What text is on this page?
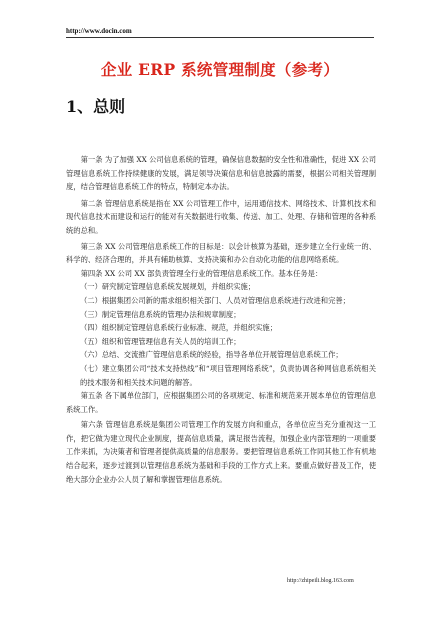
http://www.docin.com
企业 ERP 系统管理制度（参考）
1、总则

第一条 为了加强 XX 公司信息系统的管理，确保信息数据的安全性和准确性，促进 XX 公司管理信息系统工作持续健康的发展，满足领导决策信息和信息披露的需要，根据公司相关管理制度，结合管理信息系统工作的特点，特制定本办法。

第二条 管理信息系统是指在 XX 公司管理工作中，运用通信技术、网络技术、计算机技术和现代信息技术而建设和运行的能对有关数据进行收集、传送、加工、处理、存储和管理的各种系统的总和。

第三条 XX 公司管理信息系统工作的目标是：以会计核算为基础，逐步建立全行业统一的、科学的、经济合理的，并具有辅助核算、支持决策和办公自动化功能的信息网络系统。

第四条 XX 公司 XX 部负责管理全行业的管理信息系统工作。基本任务是：

（一）研究制定管理信息系统发展规划，并组织实施；

（二）根据集团公司新的需求组织相关部门、人员对管理信息系统进行改进和完善；

（三）制定管理信息系统的管理办法和规章制度；

（四）组织制定管理信息系统行业标准、规范，并组织实施；

（五）组织和管理管理信息有关人员的培训工作；

（六）总结、交流推广管理信息系统的经验，指导各单位开展管理信息系统工作；

（七）建立集团公司“技术支持热线”和“项目管理网络系统”，负责协调各种网信息系统相关的技术服务和相关技术问题的解答。

第五条 各下属单位部门，应根据集团公司的各项规定、标准和规范来开展本单位的管理信息系统工作。

第六条 管理信息系统是集团公司管理工作的发展方向和重点，各单位应当充分重视这一工作，把它做为建立现代企业制度，提高信息质量，满足报告流程，加强企业内部管理的一项重要工作来抓，为决策者和管理者提供高质量的信息服务。要把管理信息系统工作同其他工作有机地结合起来，逐步过渡到以管理信息系统为基础和手段的工作方式上来。要重点做好普及工作，使绝大部分企业办公人员了解和掌握管理信息系统。

http://zhipeili.blog.163.com
